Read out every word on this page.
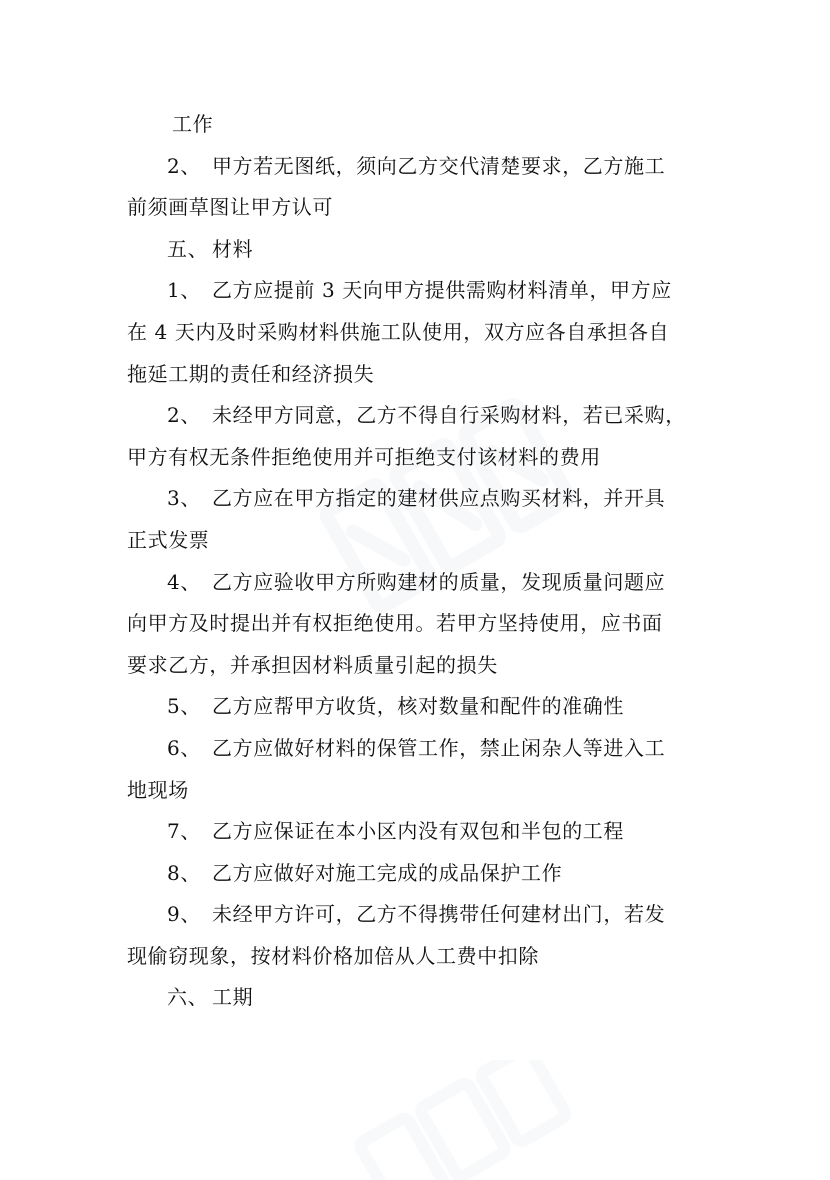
工作
2、 甲方若无图纸，须向乙方交代清楚要求，乙方施工
前须画草图让甲方认可
五、 材料
1、 乙方应提前 3 天向甲方提供需购材料清单，甲方应
在 4 天内及时采购材料供施工队使用，双方应各自承担各自
拖延工期的责任和经济损失
2、 未经甲方同意，乙方不得自行采购材料，若已采购，
甲方有权无条件拒绝使用并可拒绝支付该材料的费用
3、 乙方应在甲方指定的建材供应点购买材料，并开具
正式发票
4、 乙方应验收甲方所购建材的质量，发现质量问题应
向甲方及时提出并有权拒绝使用。若甲方坚持使用，应书面
要求乙方，并承担因材料质量引起的损失
5、 乙方应帮甲方收货，核对数量和配件的准确性
6、 乙方应做好材料的保管工作，禁止闲杂人等进入工
地现场
7、 乙方应保证在本小区内没有双包和半包的工程
8、 乙方应做好对施工完成的成品保护工作
9、 未经甲方许可，乙方不得携带任何建材出门，若发
现偷窃现象，按材料价格加倍从人工费中扣除
六、 工期
